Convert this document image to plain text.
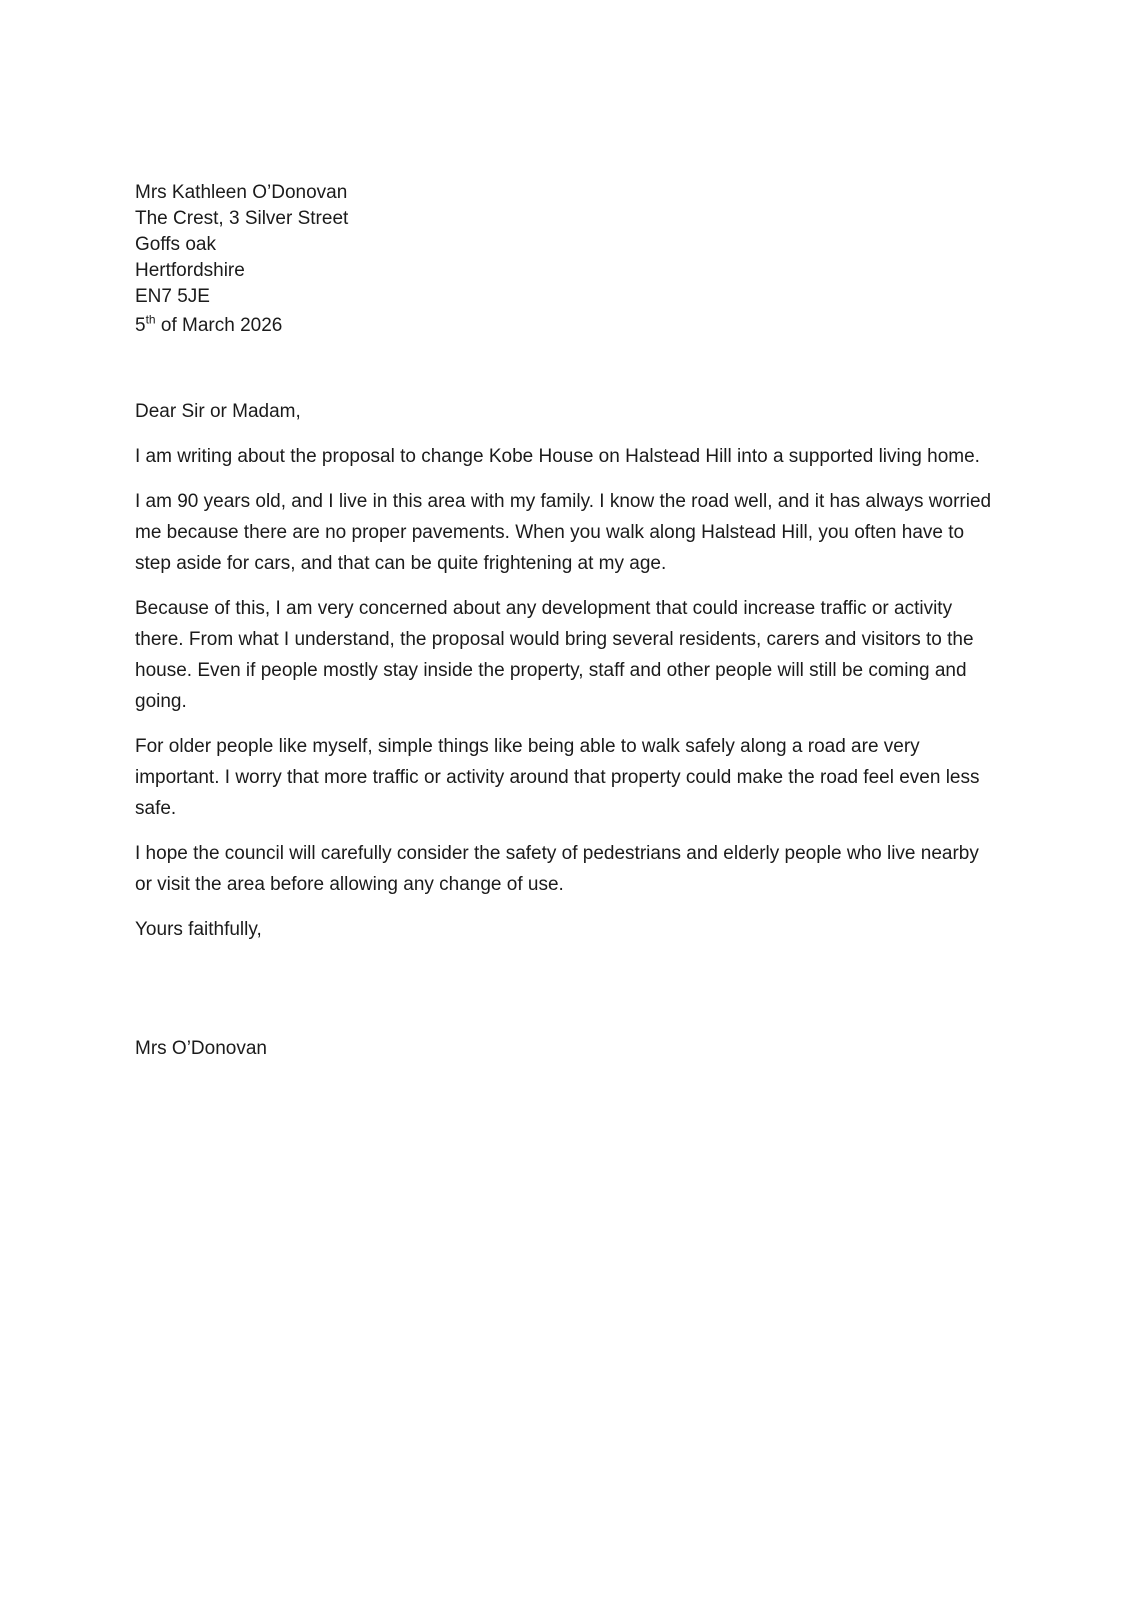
Mrs Kathleen O’Donovan
The Crest, 3 Silver Street
Goffs oak
Hertfordshire
EN7 5JE
5th of March 2026
Dear Sir or Madam,

I am writing about the proposal to change Kobe House on Halstead Hill into a supported living home.

I am 90 years old, and I live in this area with my family. I know the road well, and it has always worried me because there are no proper pavements. When you walk along Halstead Hill, you often have to step aside for cars, and that can be quite frightening at my age.

Because of this, I am very concerned about any development that could increase traffic or activity there. From what I understand, the proposal would bring several residents, carers and visitors to the house. Even if people mostly stay inside the property, staff and other people will still be coming and going.

For older people like myself, simple things like being able to walk safely along a road are very important. I worry that more traffic or activity around that property could make the road feel even less safe.

I hope the council will carefully consider the safety of pedestrians and elderly people who live nearby or visit the area before allowing any change of use.

Yours faithfully,
Mrs O’Donovan
